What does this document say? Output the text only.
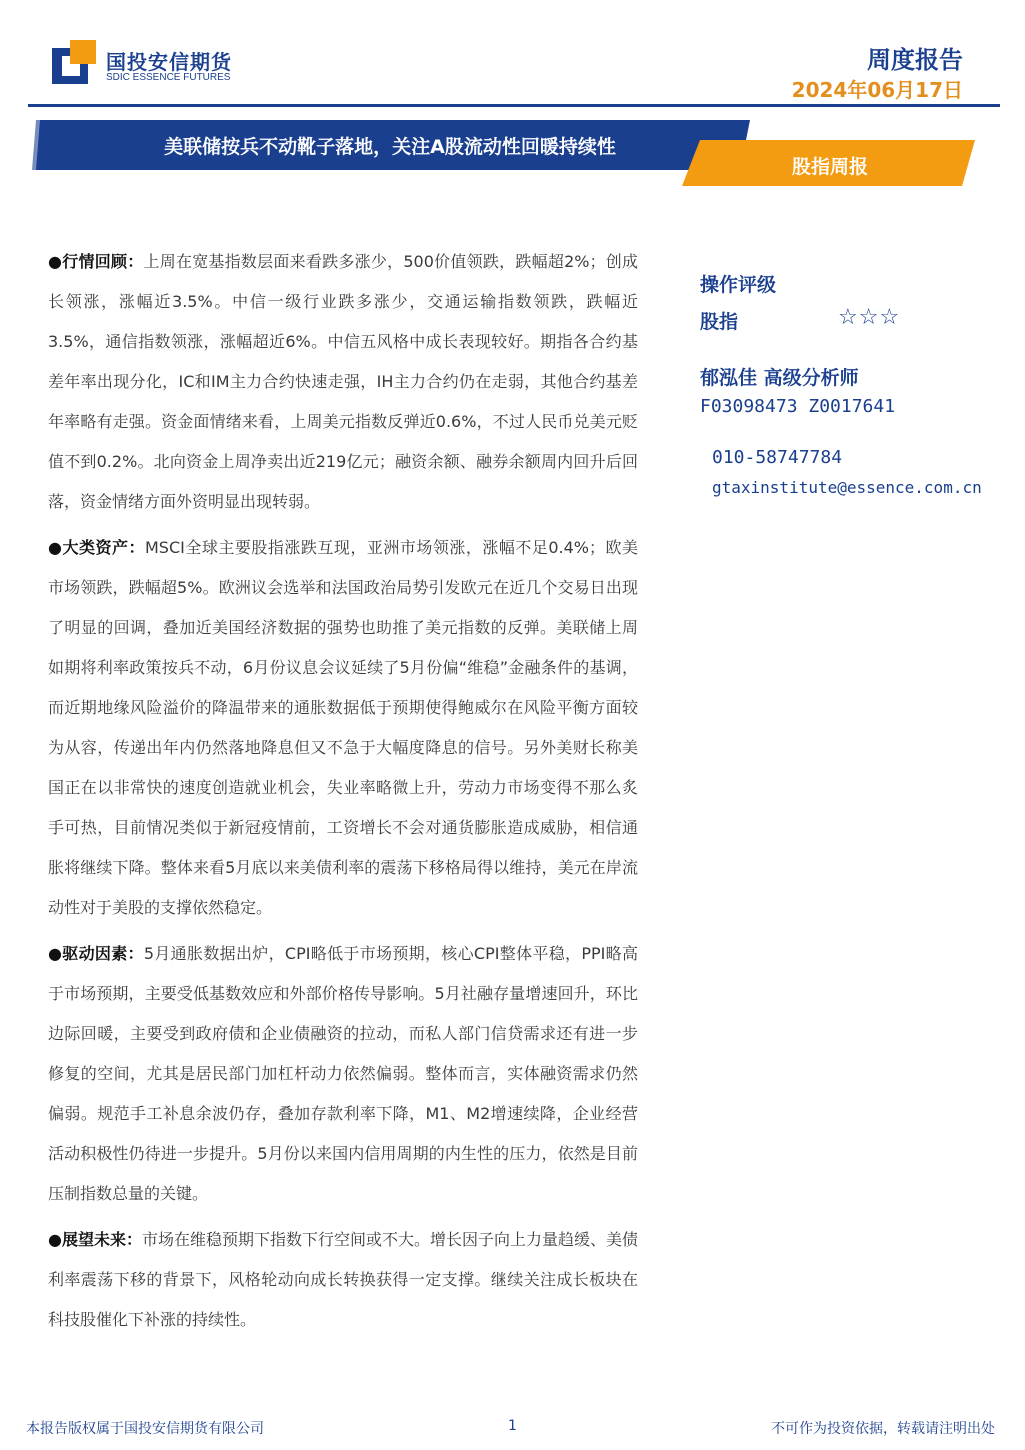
国投安信期货
SDIC ESSENCE FUTURES
周度报告
2024年06月17日
美联储按兵不动靴子落地，关注A股流动性回暖持续性
股指周报

●行情回顾：上周在宽基指数层面来看跌多涨少，500价值领跌，跌幅超2%；创成长领涨，涨幅近3.5%。中信一级行业跌多涨少，交通运输指数领跌，跌幅近3.5%，通信指数领涨，涨幅超近6%。中信五风格中成长表现较好。期指各合约基差年率出现分化，IC和IM主力合约快速走强，IH主力合约仍在走弱，其他合约基差年率略有走强。资金面情绪来看，上周美元指数反弹近0.6%，不过人民币兑美元贬值不到0.2%。北向资金上周净卖出近219亿元；融资余额、融券余额周内回升后回落，资金情绪方面外资明显出现转弱。

●大类资产：MSCI全球主要股指涨跌互现，亚洲市场领涨，涨幅不足0.4%；欧美市场领跌，跌幅超5%。欧洲议会选举和法国政治局势引发欧元在近几个交易日出现了明显的回调，叠加近美国经济数据的强势也助推了美元指数的反弹。美联储上周如期将利率政策按兵不动，6月份议息会议延续了5月份偏“维稳”金融条件的基调，而近期地缘风险溢价的降温带来的通胀数据低于预期使得鲍威尔在风险平衡方面较为从容，传递出年内仍然落地降息但又不急于大幅度降息的信号。另外美财长称美国正在以非常快的速度创造就业机会，失业率略微上升，劳动力市场变得不那么炙手可热，目前情况类似于新冠疫情前，工资增长不会对通货膨胀造成威胁，相信通胀将继续下降。整体来看5月底以来美债利率的震荡下移格局得以维持，美元在岸流动性对于美股的支撑依然稳定。

●驱动因素：5月通胀数据出炉，CPI略低于市场预期，核心CPI整体平稳，PPI略高于市场预期，主要受低基数效应和外部价格传导影响。5月社融存量增速回升，环比边际回暖，主要受到政府债和企业债融资的拉动，而私人部门信贷需求还有进一步修复的空间，尤其是居民部门加杠杆动力依然偏弱。整体而言，实体融资需求仍然偏弱。规范手工补息余波仍存，叠加存款利率下降，M1、M2增速续降，企业经营活动积极性仍待进一步提升。5月份以来国内信用周期的内生性的压力，依然是目前压制指数总量的关键。

●展望未来：市场在维稳预期下指数下行空间或不大。增长因子向上力量趋缓、美债利率震荡下移的背景下，风格轮动向成长转换获得一定支撑。继续关注成长板块在科技股催化下补涨的持续性。

操作评级
股指	☆☆☆
郁泓佳 高级分析师
F03098473 Z0017641
010-58747784
gtaxinstitute@essence.com.cn
本报告版权属于国投安信期货有限公司	1	不可作为投资依据，转载请注明出处
